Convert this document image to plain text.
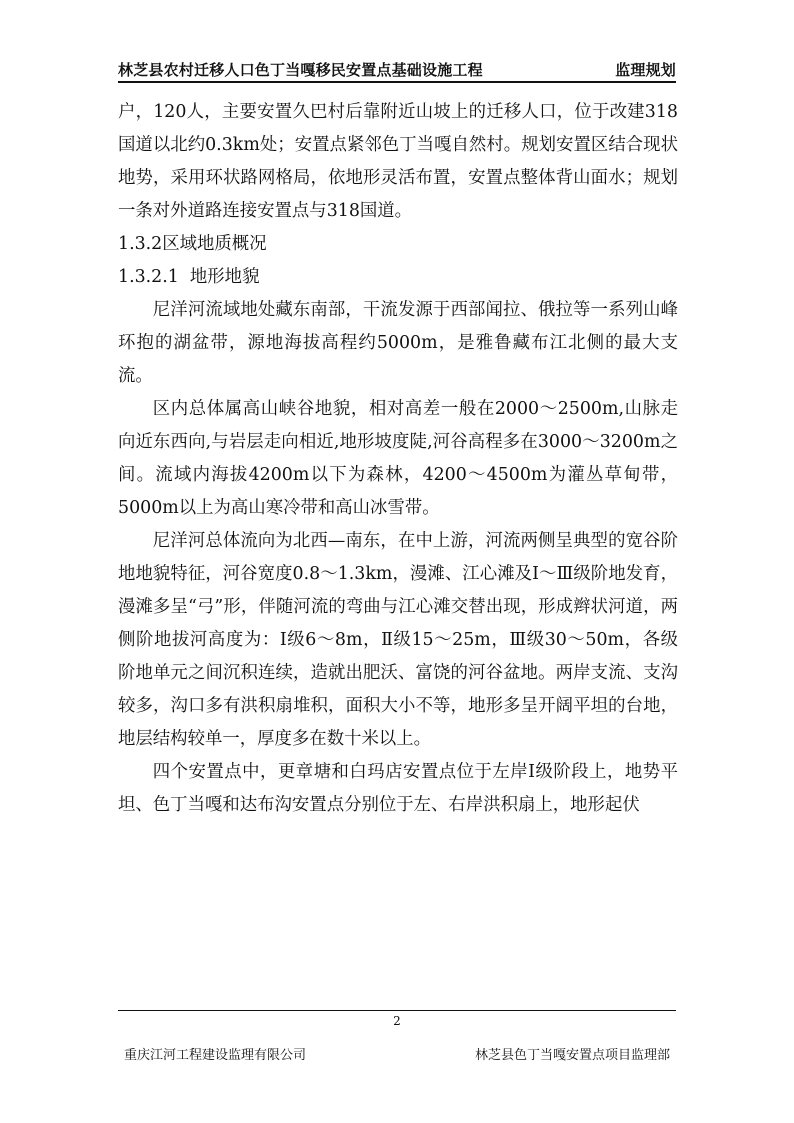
林芝县农村迁移人口色丁当嘎移民安置点基础设施工程	监理规划

户，120人，主要安置久巴村后靠附近山坡上的迁移人口，位于改建318国道以北约0.3km处；安置点紧邻色丁当嘎自然村。规划安置区结合现状地势，采用环状路网格局，依地形灵活布置，安置点整体背山面水；规划一条对外道路连接安置点与318国道。

1.3.2区域地质概况

1.3.2.1  地形地貌

尼洋河流域地处藏东南部，干流发源于西部闻拉、俄拉等一系列山峰环抱的湖盆带，源地海拔高程约5000m，是雅鲁藏布江北侧的最大支流。

区内总体属高山峡谷地貌，相对高差一般在2000～2500m,山脉走向近东西向,与岩层走向相近,地形坡度陡,河谷高程多在3000～3200m之间。流域内海拔4200m以下为森林，4200～4500m为灌丛草甸带，5000m以上为高山寒冷带和高山冰雪带。

尼洋河总体流向为北西—南东，在中上游，河流两侧呈典型的宽谷阶地地貌特征，河谷宽度0.8～1.3km，漫滩、江心滩及Ⅰ～Ⅲ级阶地发育，漫滩多呈“弓”形，伴随河流的弯曲与江心滩交替出现，形成辫状河道，两侧阶地拔河高度为：Ⅰ级6～8m，Ⅱ级15～25m，Ⅲ级30～50m，各级阶地单元之间沉积连续，造就出肥沃、富饶的河谷盆地。两岸支流、支沟较多，沟口多有洪积扇堆积，面积大小不等，地形多呈开阔平坦的台地，地层结构较单一，厚度多在数十米以上。

四个安置点中，更章塘和白玛店安置点位于左岸Ⅰ级阶段上，地势平坦、色丁当嘎和达布沟安置点分别位于左、右岸洪积扇上，地形起伏

2
重庆江河工程建设监理有限公司	林芝县色丁当嘎安置点项目监理部
